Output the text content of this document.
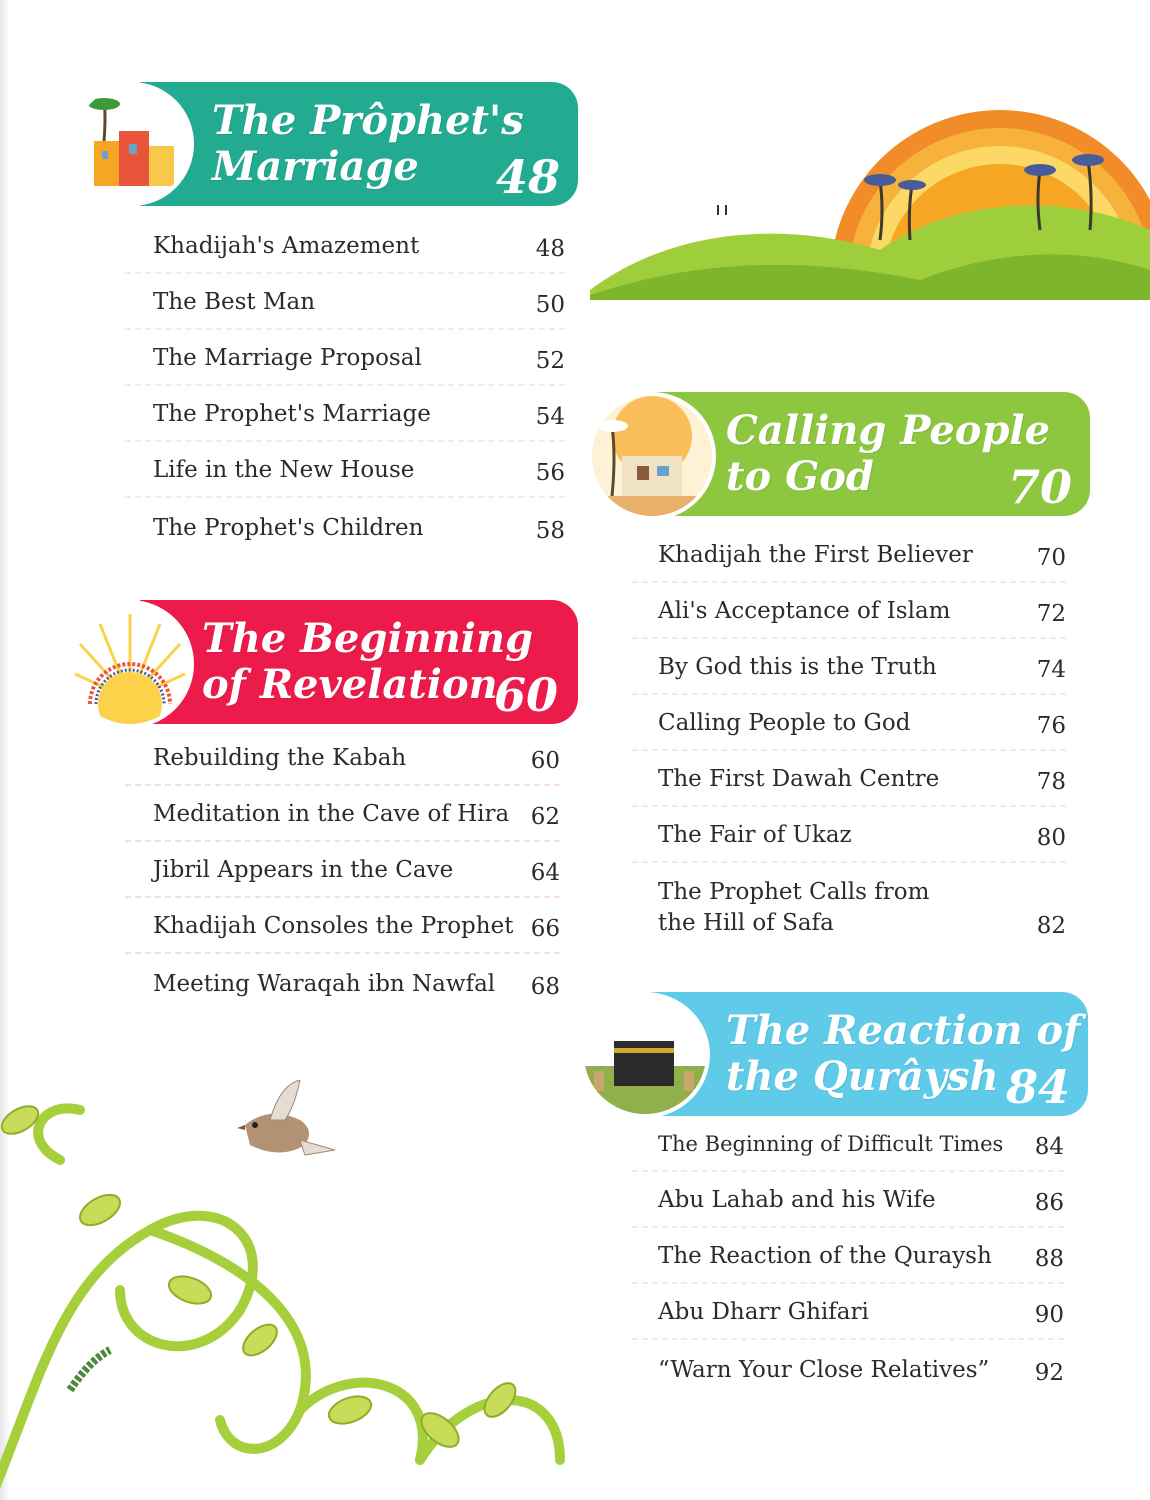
The Prôphet's
Marriage	48
Khadijah's Amazement	48
The Best Man	50
The Marriage Proposal	52
The Prophet's Marriage	54
Life in the New House	56
The Prophet's Children	58
The Beginning
of Revelation
60
Rebuilding the Kabah	60
Meditation in the Cave of Hira 62
Jibril Appears in the Cave	64
Khadijah Consoles the Prophet 66
Meeting Waraqah ibn Nawfal 68
Calling People
to God	70
Khadijah the First Believer	70
Ali's Acceptance of Islam	72
By God this is the Truth	74
Calling People to God	76
The First Dawah Centre	78
The Fair of Ukaz	80
The Prophet Calls from
the Hill of Safa	82
The Reaction of
the Qurâysh 84
The Beginning of Difficult Times 84
Abu Lahab and his Wife	86
The Reaction of the Quraysh 88
Abu Dharr Ghifari	90
“Warn Your Close Relatives” 92
